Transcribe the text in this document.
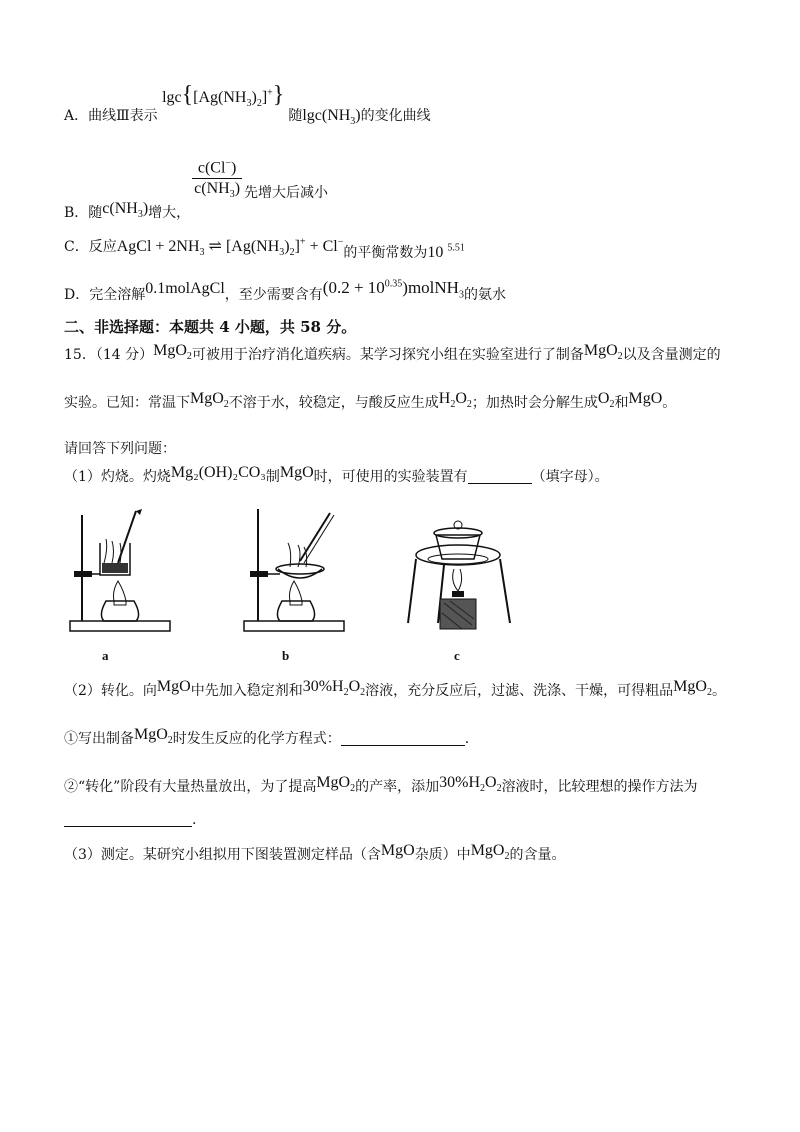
A．曲线Ⅲ表示 $\lg c\{[Ag(NH_3)_2]^+\}$ 随$\lg c(NH_3)$的变化曲线
B．随$c(NH_3)$增大，
$\frac{c(Cl^-)}{c(NH_3)}$ 先增大后减小
C．反应AgCl + $2NH_3$ ⇌ $[Ag(NH_3)_2]^+ + Cl^-$的平衡常数为10 $^{5.51}$
D．完全溶解0.1molAgCl，至少需要含有$(0.2 + 10^{0.35})molNH_3$的氨水
二、非选择题：本题共 4 小题，共 58 分。
15．（14 分）MgO$_2$可被用于治疗消化道疾病。某学习探究小组在实验室进行了制备MgO$_2$以及含量测定的
实验。已知：常温下MgO$_2$不溶于水，较稳定，与酸反应生成$H_2O_2$；加热时会分解生成$O_2$和MgO。
请回答下列问题：
（1）灼烧。灼烧Mg₂(OH)₂CO₃制MgO时，可使用的实验装置有	（填字母）。
a	b	c
（2）转化。向MgO中先加入稳定剂和$30\%H_2O_2$溶液，充分反应后，过滤、洗涤、干燥，可得粗品MgO$_2$。
①写出制备MgO$_2$时发生反应的化学方程式：	.
②“转化”阶段有大量热量放出，为了提高MgO$_2$的产率，添加$30\%H_2O_2$溶液时，比较理想的操作方法为
.
（3）测定。某研究小组拟用下图装置测定样品（含MgO杂质）中MgO$_2$的含量。
